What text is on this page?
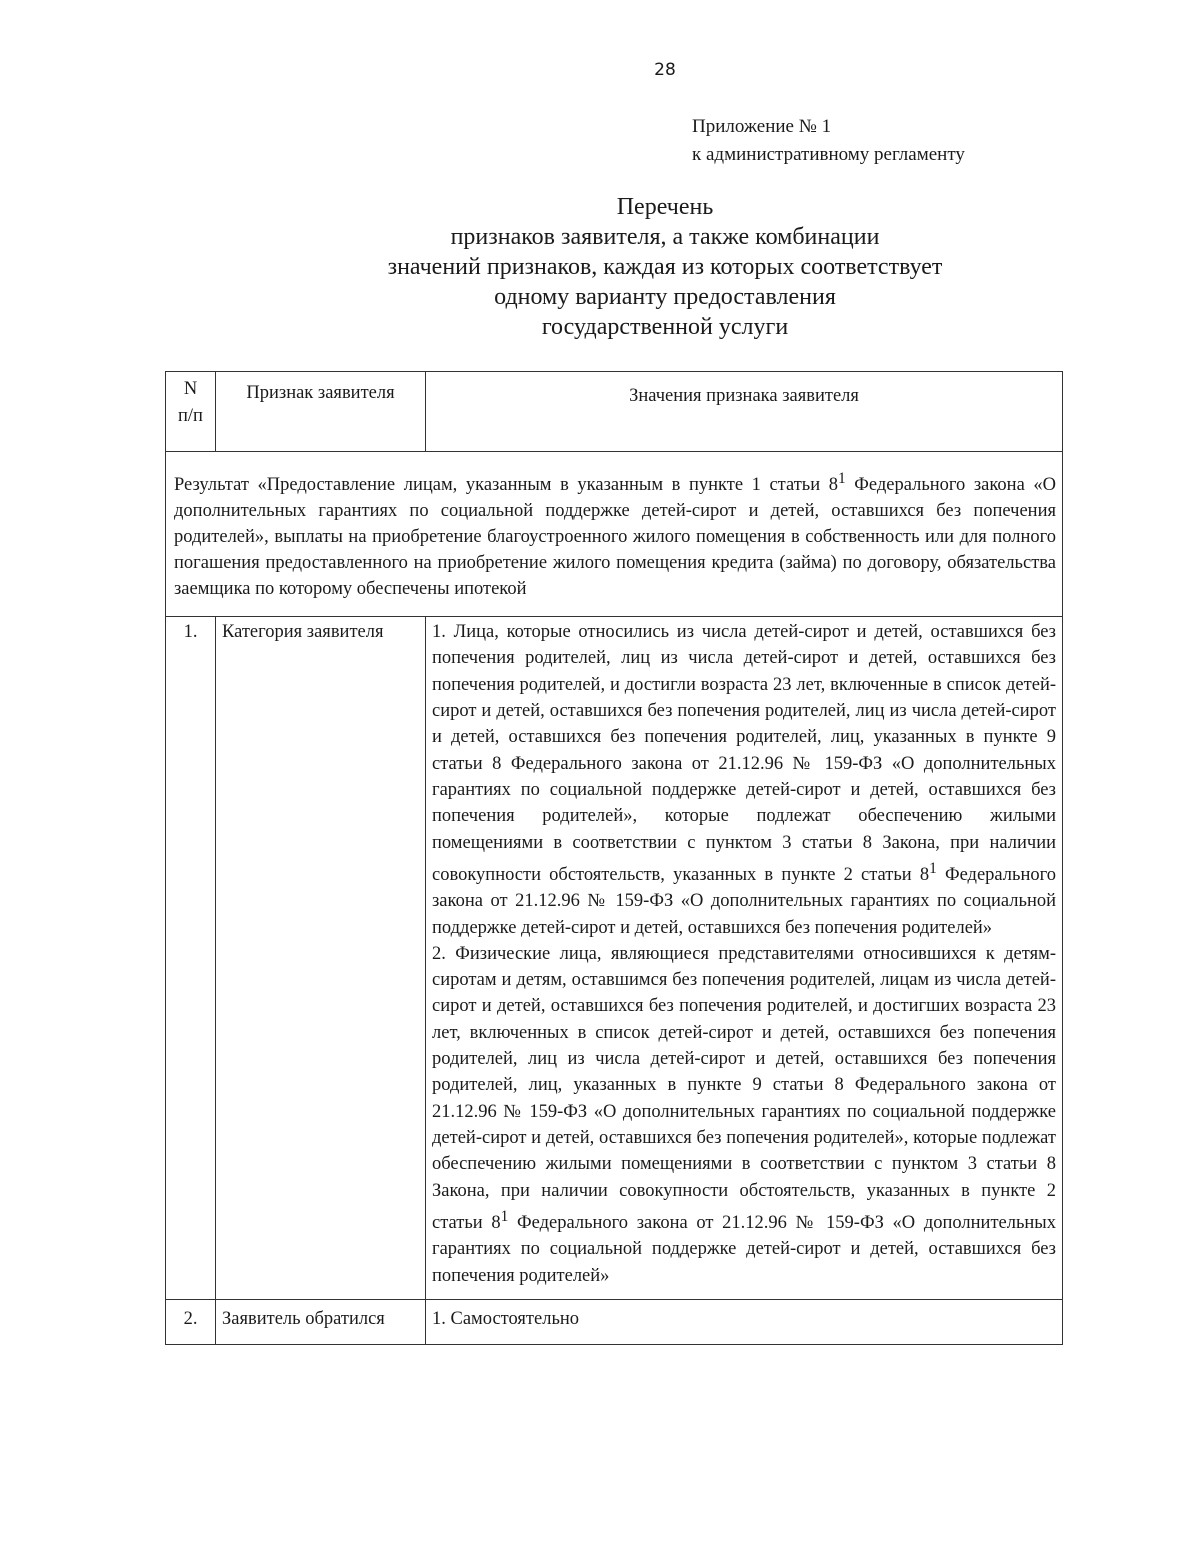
28
Приложение № 1
к административному регламенту
Перечень
признаков заявителя, а также комбинации
значений признаков, каждая из которых соответствует
одному варианту предоставления
государственной услуги
N
п/п	Признак заявителя	Значения признака заявителя
Результат «Предоставление лицам, указанным в указанным в пункте 1 статьи $8^1$ Федерального закона «О дополнительных гарантиях по социальной поддержке детей-сирот и детей, оставшихся без попечения родителей», выплаты на приобретение благоустроенного жилого помещения в собственность или для полного погашения предоставленного на приобретение жилого помещения кредита (займа) по договору, обязательства заемщика по которому обеспечены ипотекой		
1.	Категория заявителя	1. Лица, которые относились из числа детей-сирот и детей, оставшихся без попечения родителей, лиц из числа детей-сирот и детей, оставшихся без попечения родителей, и достигли возраста 23 лет, включенные в список детей-сирот и детей, оставшихся без попечения родителей, лиц из числа детей-сирот и детей, оставшихся без попечения родителей, лиц, указанных в пункте 9 статьи 8 Федерального закона от 21.12.96 № 159-ФЗ «О дополнительных гарантиях по социальной поддержке детей-сирот и детей, оставшихся без попечения родителей», которые подлежат обеспечению жилыми помещениями в соответствии с пунктом 3 статьи 8 Закона, при наличии совокупности обстоятельств, указанных в пункте 2 статьи $8^1$ Федерального закона от 21.12.96 № 159-ФЗ «О дополнительных гарантиях по социальной поддержке детей-сирот и детей, оставшихся без попечения родителей»

2. Физические лица, являющиеся представителями относившихся к детям-сиротам и детям, оставшимся без попечения родителей, лицам из числа детей-сирот и детей, оставшихся без попечения родителей, и достигших возраста 23 лет, включенных в список детей-сирот и детей, оставшихся без попечения родителей, лиц из числа детей-сирот и детей, оставшихся без попечения родителей, лиц, указанных в пункте 9 статьи 8 Федерального закона от 21.12.96 № 159-ФЗ «О дополнительных гарантиях по социальной поддержке детей-сирот и детей, оставшихся без попечения родителей», которые подлежат обеспечению жилыми помещениями в соответствии с пунктом 3 статьи 8 Закона, при наличии совокупности обстоятельств, указанных в пункте 2 статьи $8^1$ Федерального закона от 21.12.96 № 159-ФЗ «О дополнительных гарантиях по социальной поддержке детей-сирот и детей, оставшихся без попечения родителей»

2.	Заявитель обратился	1. Самостоятельно
